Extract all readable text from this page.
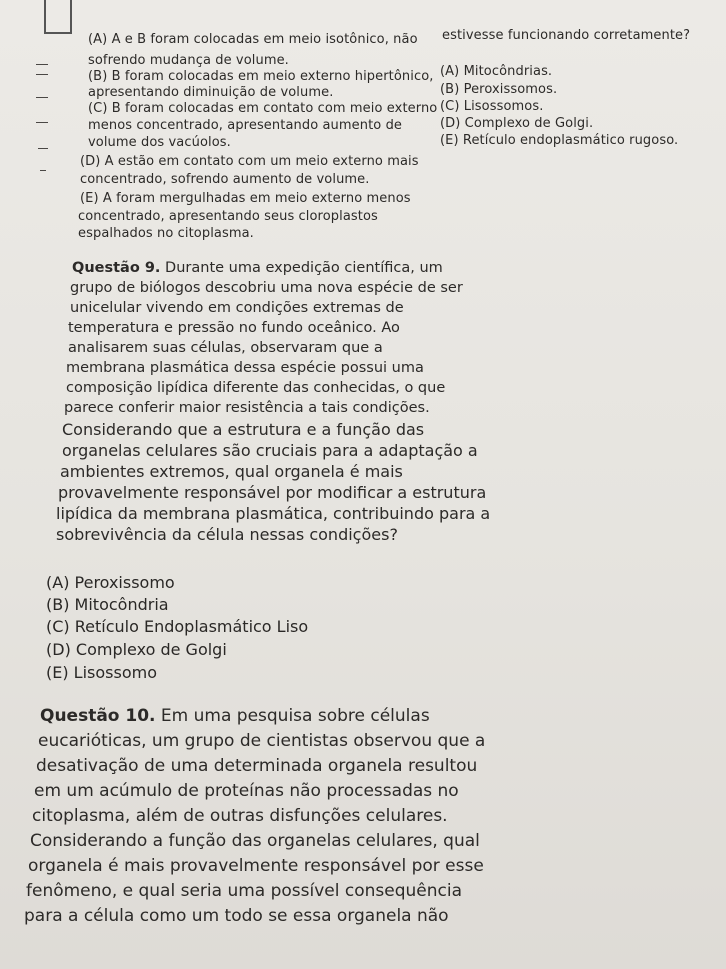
(A) A e B foram colocadas em meio isotônico, não
sofrendo mudança de volume.
(B) B foram colocadas em meio externo hipertônico,
apresentando diminuição de volume.
(C) B foram colocadas em contato com meio externo
menos concentrado, apresentando aumento de
volume dos vacúolos.
(D) A estão em contato com um meio externo mais
concentrado, sofrendo aumento de volume.
(E) A foram mergulhadas em meio externo menos
concentrado, apresentando seus cloroplastos
espalhados no citoplasma.
estivesse funcionando corretamente?
(A) Mitocôndrias.
(B) Peroxissomos.
(C) Lisossomos.
(D) Complexo de Golgi.
(E) Retículo endoplasmático rugoso.
Questão 9. Durante uma expedição científica, um
grupo de biólogos descobriu uma nova espécie de ser
unicelular vivendo em condições extremas de
temperatura e pressão no fundo oceânico. Ao
analisarem suas células, observaram que a
membrana plasmática dessa espécie possui uma
composição lipídica diferente das conhecidas, o que
parece conferir maior resistência a tais condições.
Considerando que a estrutura e a função das
organelas celulares são cruciais para a adaptação a
ambientes extremos, qual organela é mais
provavelmente responsável por modificar a estrutura
lipídica da membrana plasmática, contribuindo para a
sobrevivência da célula nessas condições?
(A) Peroxissomo
(B) Mitocôndria
(C) Retículo Endoplasmático Liso
(D) Complexo de Golgi
(E) Lisossomo
Questão 10. Em uma pesquisa sobre células
eucarióticas, um grupo de cientistas observou que a
desativação de uma determinada organela resultou
em um acúmulo de proteínas não processadas no
citoplasma, além de outras disfunções celulares.
Considerando a função das organelas celulares, qual
organela é mais provavelmente responsável por esse
fenômeno, e qual seria uma possível consequência
para a célula como um todo se essa organela não
